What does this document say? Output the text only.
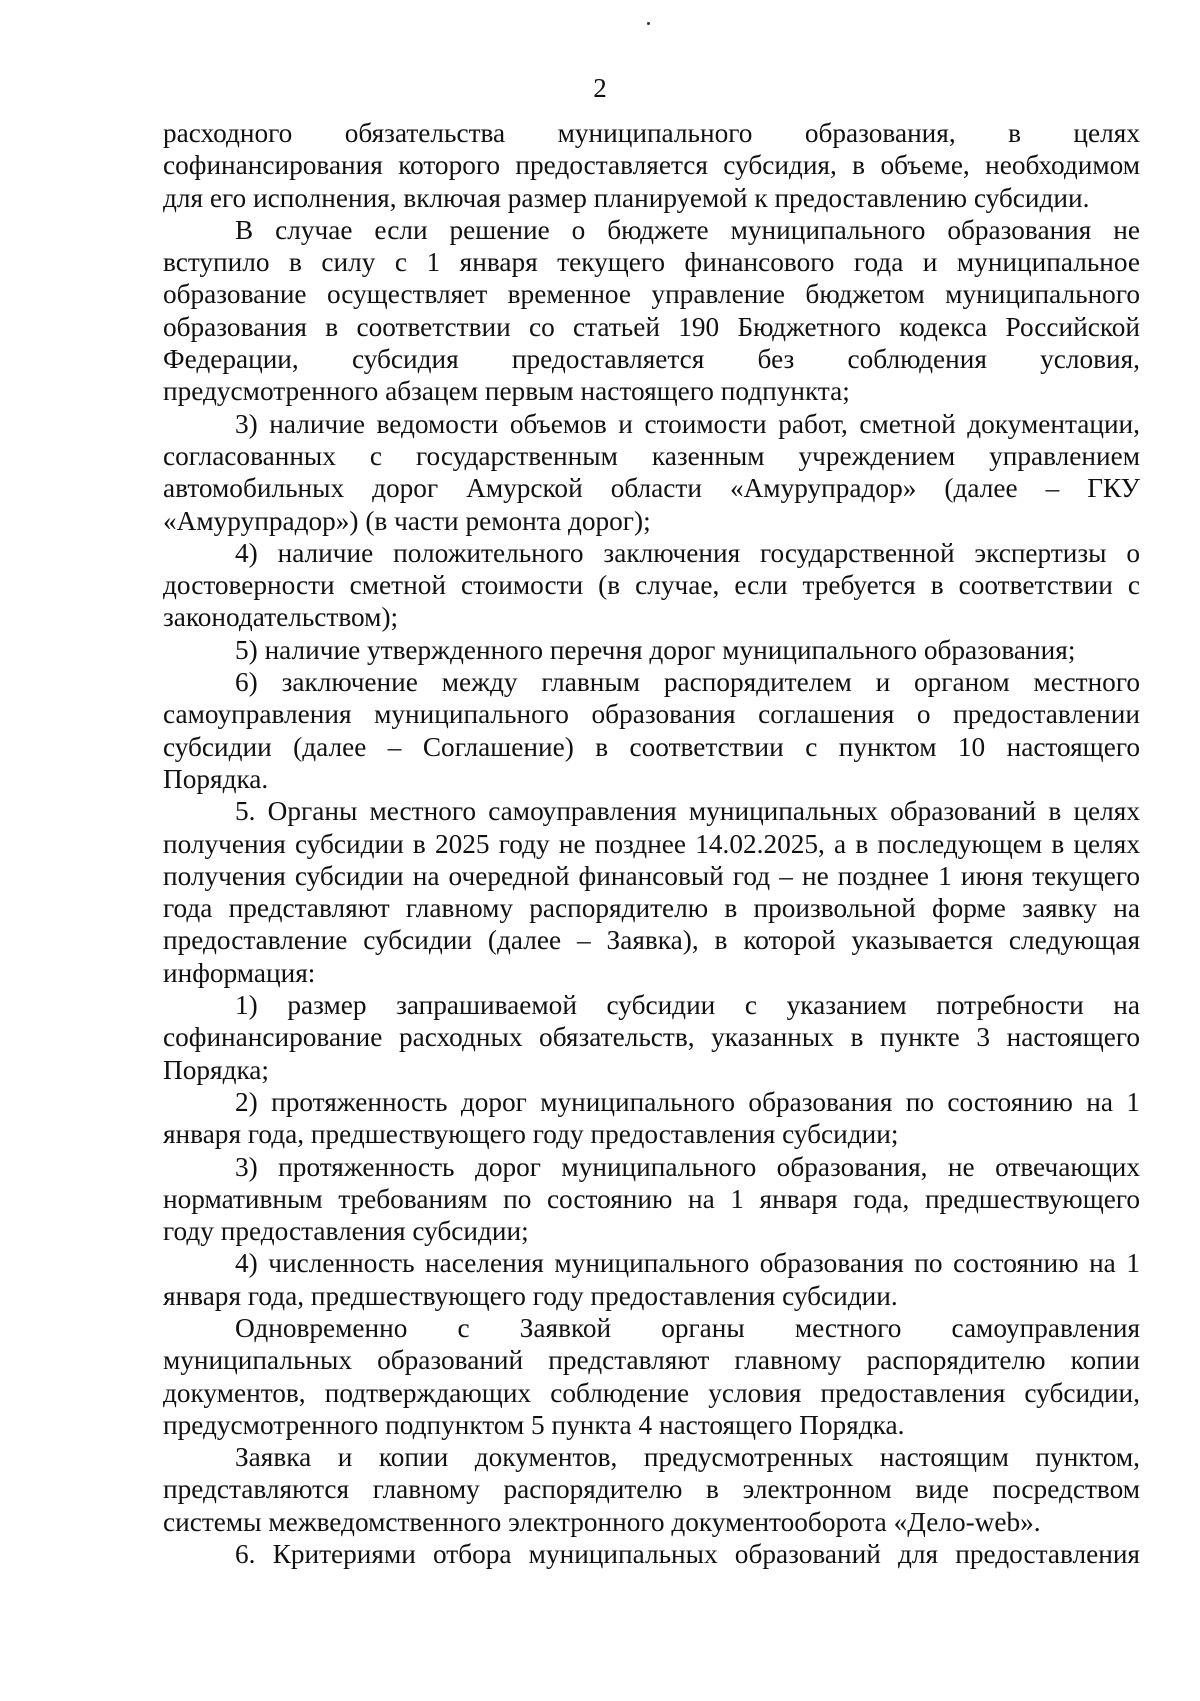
2
расходного обязательства муниципального образования, в целях
софинансирования которого предоставляется субсидия, в объеме, необходимом
для его исполнения, включая размер планируемой к предоставлению субсидии.
В случае если решение о бюджете муниципального образования не
вступило в силу с 1 января текущего финансового года и муниципальное
образование осуществляет временное управление бюджетом муниципального
образования в соответствии со статьей 190 Бюджетного кодекса Российской
Федерации, субсидия предоставляется без соблюдения условия,
предусмотренного абзацем первым настоящего подпункта;
3) наличие ведомости объемов и стоимости работ, сметной документации,
согласованных с государственным казенным учреждением управлением
автомобильных дорог Амурской области «Амурупрадор» (далее – ГКУ
«Амурупрадор») (в части ремонта дорог);
4) наличие положительного заключения государственной экспертизы о
достоверности сметной стоимости (в случае, если требуется в соответствии с
законодательством);
5) наличие утвержденного перечня дорог муниципального образования;
6) заключение между главным распорядителем и органом местного
самоуправления муниципального образования соглашения о предоставлении
субсидии (далее – Соглашение) в соответствии с пунктом 10 настоящего
Порядка.
5. Органы местного самоуправления муниципальных образований в целях
получения субсидии в 2025 году не позднее 14.02.2025, а в последующем в целях
получения субсидии на очередной финансовый год – не позднее 1 июня текущего
года представляют главному распорядителю в произвольной форме заявку на
предоставление субсидии (далее – Заявка), в которой указывается следующая
информация:
1) размер запрашиваемой субсидии с указанием потребности на
софинансирование расходных обязательств, указанных в пункте 3 настоящего
Порядка;
2) протяженность дорог муниципального образования по состоянию на 1
января года, предшествующего году предоставления субсидии;
3) протяженность дорог муниципального образования, не отвечающих
нормативным требованиям по состоянию на 1 января года, предшествующего
году предоставления субсидии;
4) численность населения муниципального образования по состоянию на 1
января года, предшествующего году предоставления субсидии.
Одновременно с Заявкой органы местного самоуправления
муниципальных образований представляют главному распорядителю копии
документов, подтверждающих соблюдение условия предоставления субсидии,
предусмотренного подпунктом 5 пункта 4 настоящего Порядка.
Заявка и копии документов, предусмотренных настоящим пунктом,
представляются главному распорядителю в электронном виде посредством
системы межведомственного электронного документооборота «Дело-web».
6. Критериями отбора муниципальных образований для предоставления
